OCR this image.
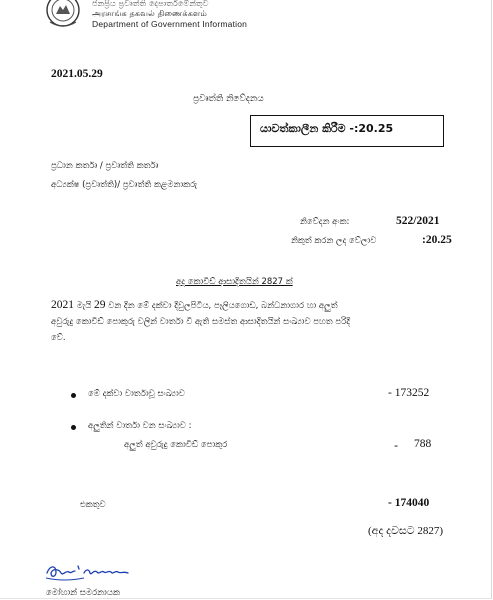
ජනප්‍රිය ප්‍රවෘත්ති දෙපාර්තමේන්තුව
அரசாங்க தகவல் திணைக்களம்
Department of Government Information
2021.05.29
ප්‍රවෘත්ති නිවේදනය
යාවත්කාලීන කිරීම -:20.25
ප්‍රධාන කර්තෘ / ප්‍රවෘත්ති කර්තෘ
අධ්‍යක්ෂ (ප්‍රවෘත්ති)/ ප්‍රවෘත්ති කළමනාකරු
නිවේදන අංක:	522/2021
නිකුත් කරන ලද වේලාව	:20.25
අද කොවිඩ් ආසාදිතයින් 2827 ක්
2021 මැයි 29 වන දින මේ දක්වා දිවුලපිටිය, පෑලියගොඩ, බන්ධනාගාර හා අලුත්
අවුරුදු කොවිඩ් පොකුරු වලින් වාර්තා වී ඇති සමස්ත ආසාදිතයින් සංඛ්‍යාව පහත පරිදි
වේ.
මේ දක්වා වාර්තාවූ සංඛ්‍යාව	- 173252
අලුතින් වාර්තා වන සංඛ්‍යාව :
අලුත් අවුරුදු කොවිඩ් පොකුර	- 788
එකතුව	- 174040
(අද දවසට 2827)
මෝහාන් සමරනායක
